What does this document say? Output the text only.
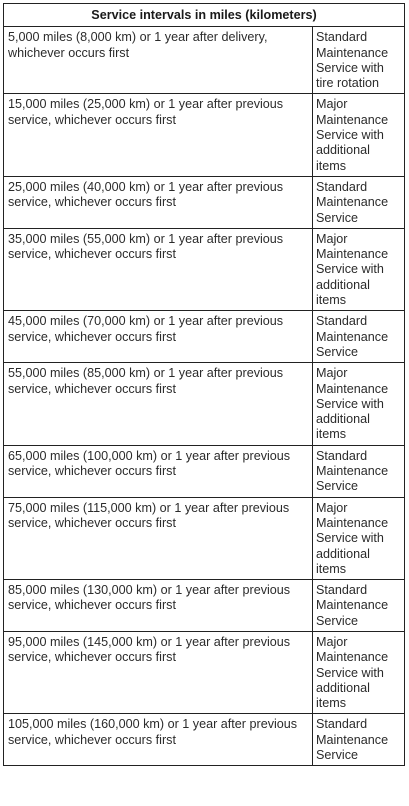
Service intervals in miles (kilometers)	
5,000 miles (8,000 km) or 1 year after delivery, whichever occurs first	Standard Maintenance Service with tire rotation
15,000 miles (25,000 km) or 1 year after previous service, whichever occurs first	Major Maintenance Service with additional items
25,000 miles (40,000 km) or 1 year after previous service, whichever occurs first	Standard Maintenance Service
35,000 miles (55,000 km) or 1 year after previous service, whichever occurs first	Major Maintenance Service with additional items
45,000 miles (70,000 km) or 1 year after previous service, whichever occurs first	Standard Maintenance Service
55,000 miles (85,000 km) or 1 year after previous service, whichever occurs first	Major Maintenance Service with additional items
65,000 miles (100,000 km) or 1 year after previous service, whichever occurs first	Standard Maintenance Service
75,000 miles (115,000 km) or 1 year after previous service, whichever occurs first	Major Maintenance Service with additional items
85,000 miles (130,000 km) or 1 year after previous service, whichever occurs first	Standard Maintenance Service
95,000 miles (145,000 km) or 1 year after previous service, whichever occurs first	Major Maintenance Service with additional items
105,000 miles (160,000 km) or 1 year after previous service, whichever occurs first	Standard Maintenance Service
